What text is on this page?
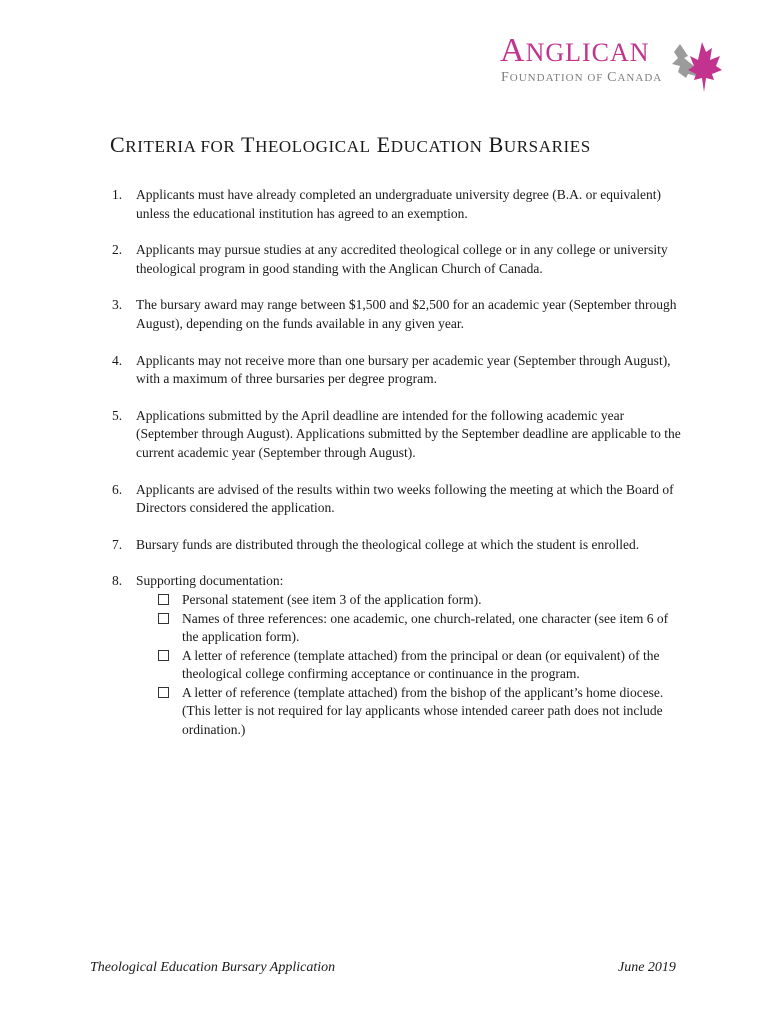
ANGLICAN
FOUNDATION OF CANADA
CRITERIA FOR THEOLOGICAL EDUCATION BURSARIES
1. Applicants must have already completed an undergraduate university degree (B.A. or equivalent) unless the educational institution has agreed to an exemption.
2. Applicants may pursue studies at any accredited theological college or in any college or university theological program in good standing with the Anglican Church of Canada.
3. The bursary award may range between $1,500 and $2,500 for an academic year (September through August), depending on the funds available in any given year.
4. Applicants may not receive more than one bursary per academic year (September through August), with a maximum of three bursaries per degree program.
5. Applications submitted by the April deadline are intended for the following academic year (September through August). Applications submitted by the September deadline are applicable to the current academic year (September through August).
6. Applicants are advised of the results within two weeks following the meeting at which the Board of Directors considered the application.
7. Bursary funds are distributed through the theological college at which the student is enrolled.
8. Supporting documentation:
Personal statement (see item 3 of the application form).
Names of three references: one academic, one church-related, one character (see item 6 of the application form).
A letter of reference (template attached) from the principal or dean (or equivalent) of the theological college confirming acceptance or continuance in the program.
A letter of reference (template attached) from the bishop of the applicant’s home diocese. (This letter is not required for lay applicants whose intended career path does not include ordination.)
Theological Education Bursary Application	June 2019
